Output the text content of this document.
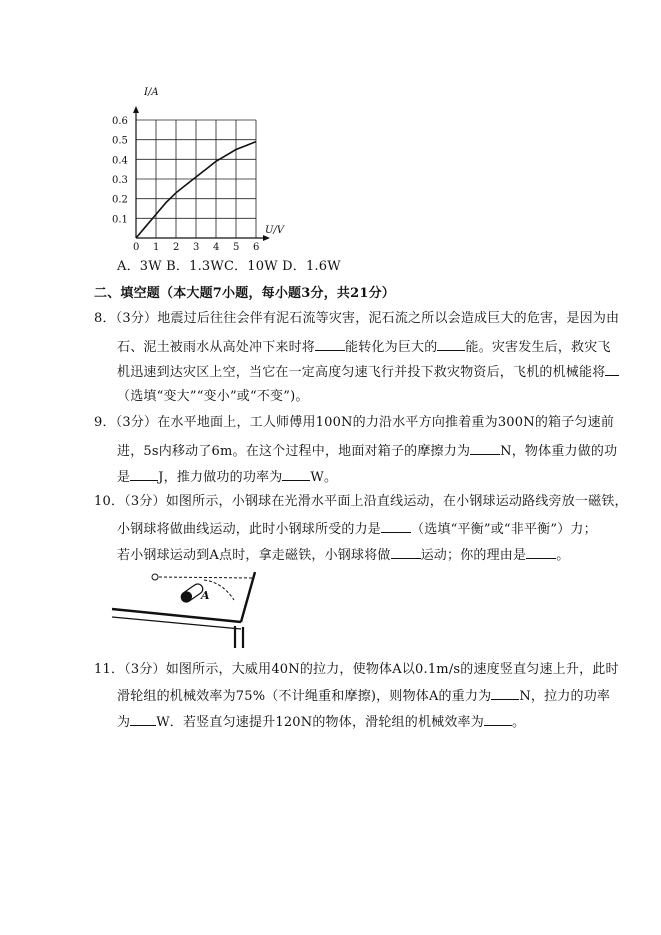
0 1 2 3 4 5 6
0.1
0.2
0.3
0.4
0.5
0.6
I/A
U/V
A．3W B．1.3WC．10W D．1.6W
二、填空题（本大题7小题，每小题3分，共21分）
8．（3分）地震过后往往会伴有泥石流等灾害，泥石流之所以会造成巨大的危害，是因为由
石、泥土被雨水从高处冲下来时将 能转化为巨大的 能。灾害发生后，救灾飞
机迅速到达灾区上空，当它在一定高度匀速飞行并投下救灾物资后，飞机的机械能将
（选填“变大”“变小”或“不变”)。
9．（3分）在水平地面上，工人师傅用100N的力沿水平方向推着重为300N的箱子匀速前
进，5s内移动了6m。在这个过程中，地面对箱子的摩擦力为 N，物体重力做的功
是 J，推力做功的功率为 W。
10．（3分）如图所示，小钢球在光滑水平面上沿直线运动，在小钢球运动路线旁放一磁铁，
小钢球将做曲线运动，此时小钢球所受的力是 （选填“平衡”或“非平衡”）力；
若小钢球运动到A点时，拿走磁铁，小钢球将做 运动；你的理由是 。
A
11．（3分）如图所示，大威用40N的拉力，使物体A以0.1m/s的速度竖直匀速上升，此时
滑轮组的机械效率为75%（不计绳重和摩擦)，则物体A的重力为 N，拉力的功率
为 W．若竖直匀速提升120N的物体，滑轮组的机械效率为 。
